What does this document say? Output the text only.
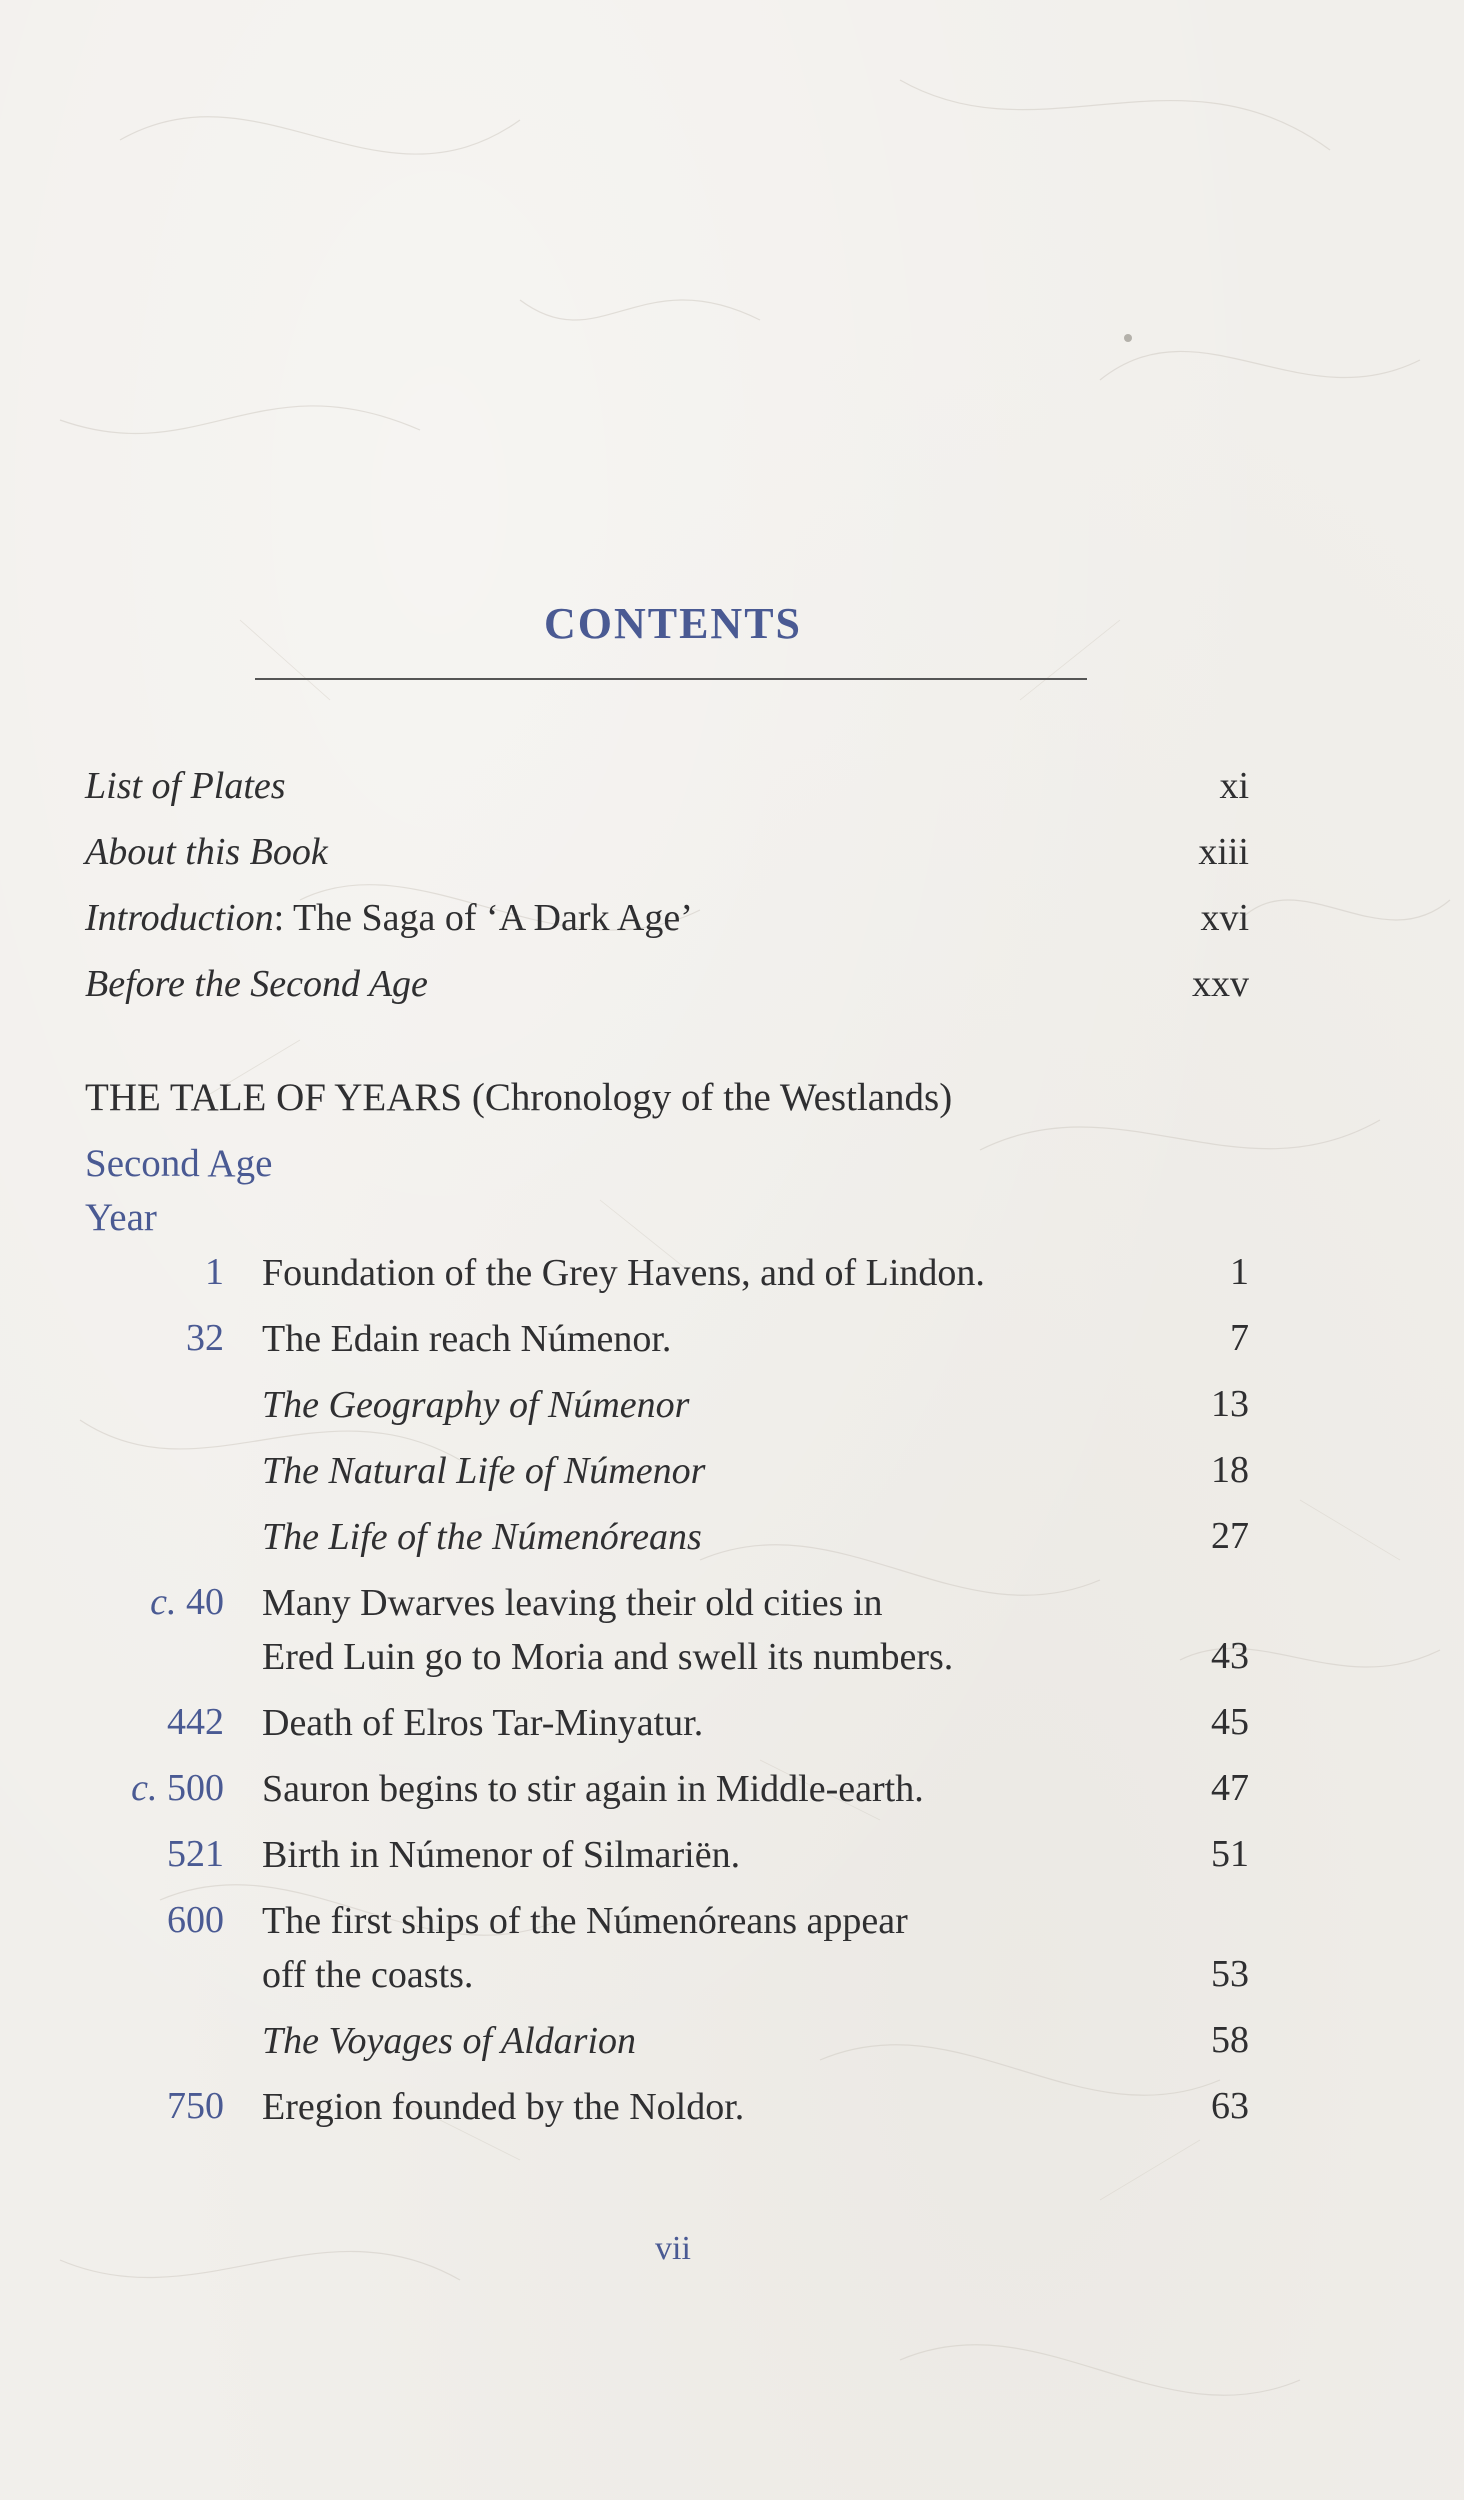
CONTENTS
List of Plates	xi
About this Book	xiii
Introduction: The Saga of ‘A Dark Age’	xvi
Before the Second Age	xxv
THE TALE OF YEARS (Chronology of the Westlands)
Second Age
Year
1 Foundation of the Grey Havens, and of Lindon.	1
32 The Edain reach Númenor.	7
The Geography of Númenor	13
The Natural Life of Númenor	18
The Life of the Númenóreans	27
c. 40 Many Dwarves leaving their old cities in
Ered Luin go to Moria and swell its numbers.	43
442 Death of Elros Tar-Minyatur.	45
c. 500 Sauron begins to stir again in Middle-earth.	47
521 Birth in Númenor of Silmariën.	51
600 The first ships of the Númenóreans appear
off the coasts.	53
The Voyages of Aldarion	58
750 Eregion founded by the Noldor.	63
vii
